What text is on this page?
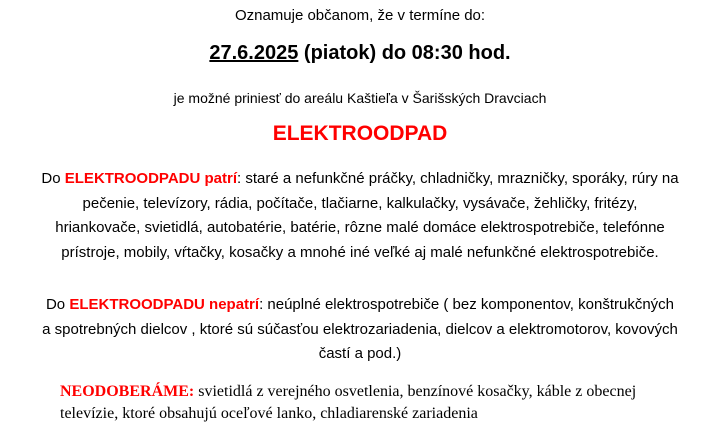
Oznamuje občanom, že v termíne do:
27.6.2025 (piatok) do 08:30 hod.
je možné priniesť do areálu Kaštieľa v Šarišských Dravciach
ELEKTROODPAD
Do ELEKTROODPADU patrí: staré a nefunkčné práčky, chladničky, mrazničky, sporáky, rúry na pečenie, televízory, rádia, počítače, tlačiarne, kalkulačky, vysávače, žehličky, fritézy, hriankovače, svietidlá, autobatérie, batérie, rôzne malé domáce elektrospotrebiče, telefónne prístroje, mobily, vŕtačky, kosačky a mnohé iné veľké aj malé nefunkčné elektrospotrebiče.
Do ELEKTROODPADU nepatrí: neúplné elektrospotrebiče ( bez komponentov, konštrukčných a spotrebných dielcov , ktoré sú súčasťou elektrozariadenia, dielcov a elektromotorov, kovových častí a pod.)
NEODOBERÁME: svietidlá z verejného osvetlenia, benzínové kosačky, káble z obecnej televízie, ktoré obsahujú oceľové lanko, chladiarenské zariadenia
